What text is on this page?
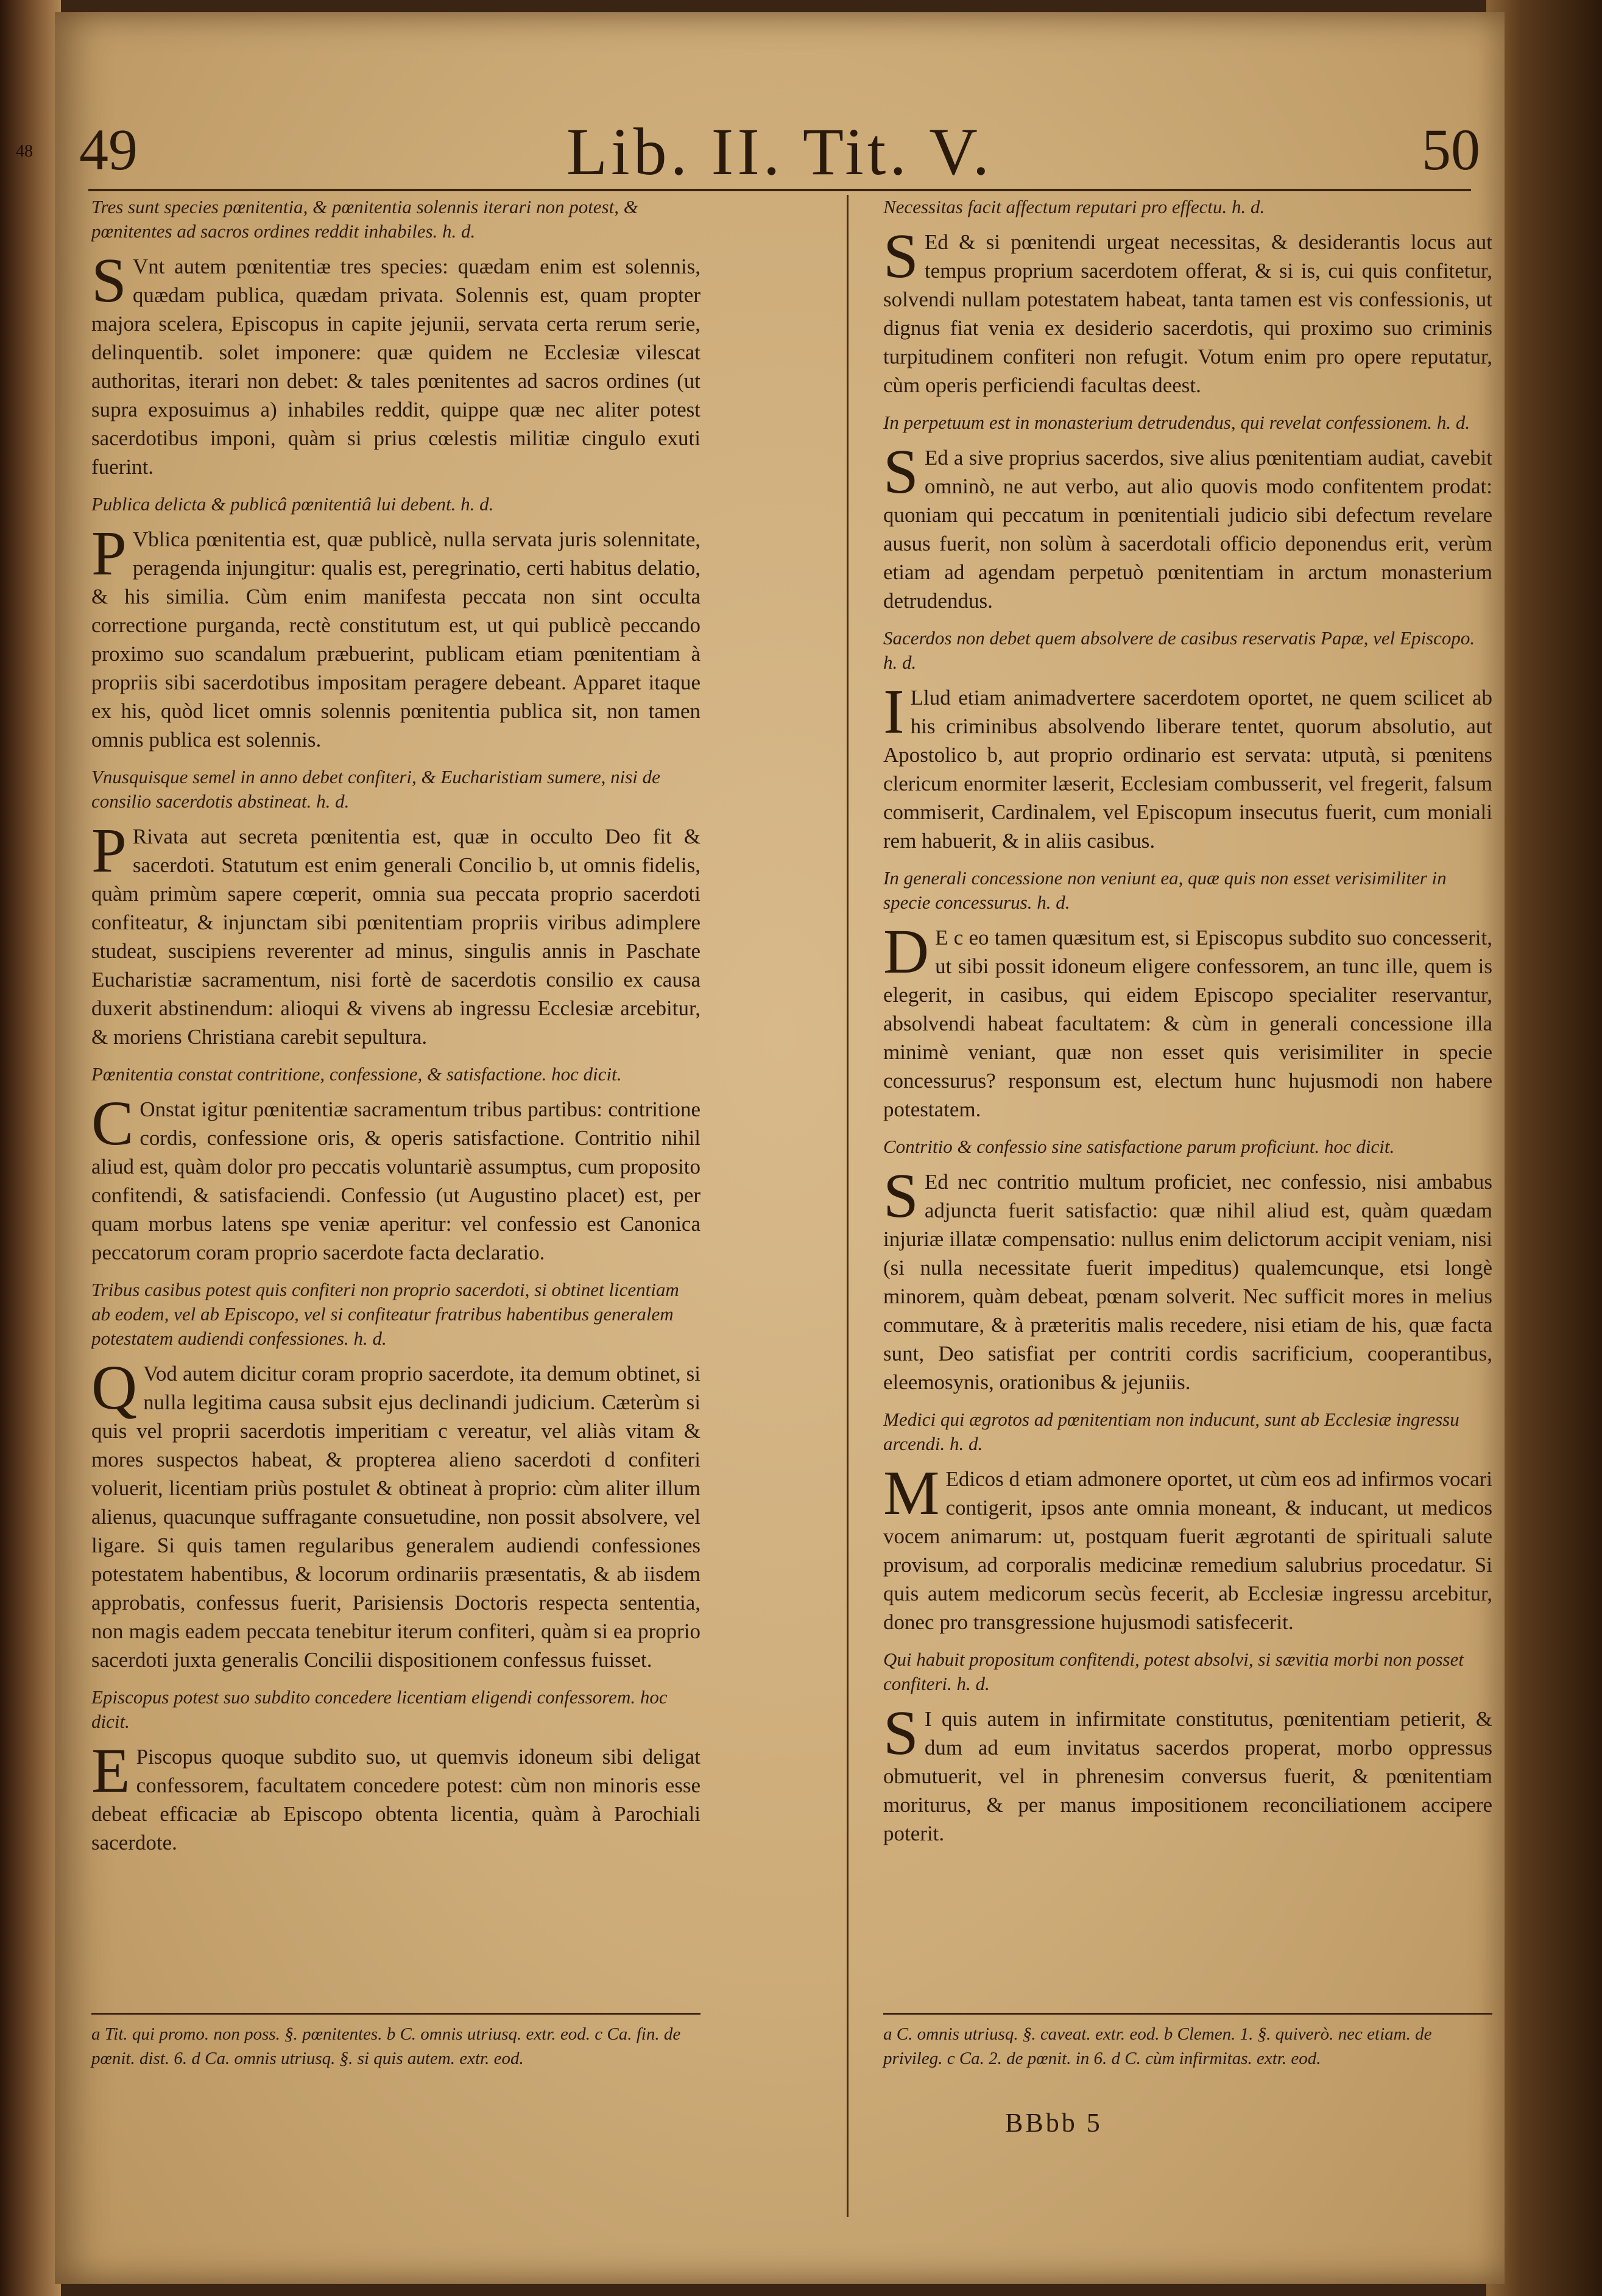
48 49	Lib. II. Tit. V.	50
Tres sunt species pœnitentia, & pœnitentia solennis iterari non potest, & pœnitentes ad sacros ordines reddit inhabiles. h. d.
S Vnt autem pœnitentiæ tres species: quædam enim est solennis, quædam publica, quædam privata. Solennis est, quam propter majora scelera, Episcopus in capite jejunii, servata certa rerum serie, delinquentib. solet imponere: quæ quidem ne Ecclesiæ vilescat authoritas, iterari non debet: & tales pœnitentes ad sacros ordines (ut supra exposuimus a) inhabiles reddit, quippe quæ nec aliter potest sacerdotibus imponi, quàm si prius cœlestis militiæ cingulo exuti fuerint.
Publica delicta & publicâ pœnitentiâ lui debent. h. d.
P Vblica pœnitentia est, quæ publicè, nulla servata juris solennitate, peragenda injungitur: qualis est, peregrinatio, certi habitus delatio, & his similia. Cùm enim manifesta peccata non sint occulta correctione purganda, rectè constitutum est, ut qui publicè peccando proximo suo scandalum præbuerint, publicam etiam pœnitentiam à propriis sibi sacerdotibus impositam peragere debeant. Apparet itaque ex his, quòd licet omnis solennis pœnitentia publica sit, non tamen omnis publica est solennis.
Vnusquisque semel in anno debet confiteri, & Eucharistiam sumere, nisi de consilio sacerdotis abstineat. h. d.
P Rivata aut secreta pœnitentia est, quæ in occulto Deo fit & sacerdoti. Statutum est enim generali Concilio b, ut omnis fidelis, quàm primùm sapere cœperit, omnia sua peccata proprio sacerdoti confiteatur, & injunctam sibi pœnitentiam propriis viribus adimplere studeat, suscipiens reverenter ad minus, singulis annis in Paschate Eucharistiæ sacramentum, nisi fortè de sacerdotis consilio ex causa duxerit abstinendum: alioqui & vivens ab ingressu Ecclesiæ arcebitur, & moriens Christiana carebit sepultura.
Pœnitentia constat contritione, confessione, & satisfactione. hoc dicit.
C Onstat igitur pœnitentiæ sacramentum tribus partibus: contritione cordis, confessione oris, & operis satisfactione. Contritio nihil aliud est, quàm dolor pro peccatis voluntariè assumptus, cum proposito confitendi, & satisfaciendi. Confessio (ut Augustino placet) est, per quam morbus latens spe veniæ aperitur: vel confessio est Canonica peccatorum coram proprio sacerdote facta declaratio.
Tribus casibus potest quis confiteri non proprio sacerdoti, si obtinet licentiam ab eodem, vel ab Episcopo, vel si confiteatur fratribus habentibus generalem potestatem audiendi confessiones. h. d.
Q Vod autem dicitur coram proprio sacerdote, ita demum obtinet, si nulla legitima causa subsit ejus declinandi judicium. Cæterùm si quis vel proprii sacerdotis imperitiam c vereatur, vel aliàs vitam & mores suspectos habeat, & propterea alieno sacerdoti d confiteri voluerit, licentiam priùs postulet & obtineat à proprio: cùm aliter illum alienus, quacunque suffragante consuetudine, non possit absolvere, vel ligare. Si quis tamen regularibus generalem audiendi confessiones potestatem habentibus, & locorum ordinariis præsentatis, & ab iisdem approbatis, confessus fuerit, Parisiensis Doctoris respecta sententia, non magis eadem peccata tenebitur iterum confiteri, quàm si ea proprio sacerdoti juxta generalis Concilii dispositionem confessus fuisset.
Episcopus potest suo subdito concedere licentiam eligendi confessorem. hoc dicit.
E Piscopus quoque subdito suo, ut quemvis idoneum sibi deligat confessorem, facultatem concedere potest: cùm non minoris esse debeat efficaciæ ab Episcopo obtenta licentia, quàm à Parochiali sacerdote.
Necessitas facit affectum reputari pro effectu. h. d.
S Ed & si pœnitendi urgeat necessitas, & desiderantis locus aut tempus proprium sacerdotem offerat, & si is, cui quis confitetur, solvendi nullam potestatem habeat, tanta tamen est vis confessionis, ut dignus fiat venia ex desiderio sacerdotis, qui proximo suo criminis turpitudinem confiteri non refugit. Votum enim pro opere reputatur, cùm operis perficiendi facultas deest.
In perpetuum est in monasterium detrudendus, qui revelat confessionem. h. d.
S Ed a sive proprius sacerdos, sive alius pœnitentiam audiat, cavebit omninò, ne aut verbo, aut alio quovis modo confitentem prodat: quoniam qui peccatum in pœnitentiali judicio sibi defectum revelare ausus fuerit, non solùm à sacerdotali officio deponendus erit, verùm etiam ad agendam perpetuò pœnitentiam in arctum monasterium detrudendus.
Sacerdos non debet quem absolvere de casibus reservatis Papæ, vel Episcopo. h. d.
I Llud etiam animadvertere sacerdotem oportet, ne quem scilicet ab his criminibus absolvendo liberare tentet, quorum absolutio, aut Apostolico b, aut proprio ordinario est servata: utputà, si pœnitens clericum enormiter læserit, Ecclesiam combusserit, vel fregerit, falsum commiserit, Cardinalem, vel Episcopum insecutus fuerit, cum moniali rem habuerit, & in aliis casibus.
In generali concessione non veniunt ea, quæ quis non esset verisimiliter in specie concessurus. h. d.
D E c eo tamen quæsitum est, si Episcopus subdito suo concesserit, ut sibi possit idoneum eligere confessorem, an tunc ille, quem is elegerit, in casibus, qui eidem Episcopo specialiter reservantur, absolvendi habeat facultatem: & cùm in generali concessione illa minimè veniant, quæ non esset quis verisimiliter in specie concessurus? responsum est, electum hunc hujusmodi non habere potestatem.
Contritio & confessio sine satisfactione parum proficiunt. hoc dicit.
S Ed nec contritio multum proficiet, nec confessio, nisi ambabus adjuncta fuerit satisfactio: quæ nihil aliud est, quàm quædam injuriæ illatæ compensatio: nullus enim delictorum accipit veniam, nisi (si nulla necessitate fuerit impeditus) qualemcunque, etsi longè minorem, quàm debeat, pœnam solverit. Nec sufficit mores in melius commutare, & à præteritis malis recedere, nisi etiam de his, quæ facta sunt, Deo satisfiat per contriti cordis sacrificium, cooperantibus, eleemosynis, orationibus & jejuniis.
Medici qui ægrotos ad pœnitentiam non inducunt, sunt ab Ecclesiæ ingressu arcendi. h. d.
M Edicos d etiam admonere oportet, ut cùm eos ad infirmos vocari contigerit, ipsos ante omnia moneant, & inducant, ut medicos vocem animarum: ut, postquam fuerit ægrotanti de spirituali salute provisum, ad corporalis medicinæ remedium salubrius procedatur. Si quis autem medicorum secùs fecerit, ab Ecclesiæ ingressu arcebitur, donec pro transgressione hujusmodi satisfecerit.
Qui habuit propositum confitendi, potest absolvi, si sævitia morbi non posset confiteri. h. d.
S I quis autem in infirmitate constitutus, pœnitentiam petierit, & dum ad eum invitatus sacerdos properat, morbo oppressus obmutuerit, vel in phrenesim conversus fuerit, & pœnitentiam moriturus, & per manus impositionem reconciliationem accipere poterit.
a Tit. qui promo. non poss. §. pœnitentes. b C. omnis utriusq. extr. eod. c Ca. fin. de pœnit. dist. 6. d Ca. omnis utriusq. §. si quis autem. extr. eod.
a C. omnis utriusq. §. caveat. extr. eod. b Clemen. 1. §. quiverò. nec etiam. de privileg. c Ca. 2. de pœnit. in 6. d C. cùm infirmitas. extr. eod.
BBbb 5
